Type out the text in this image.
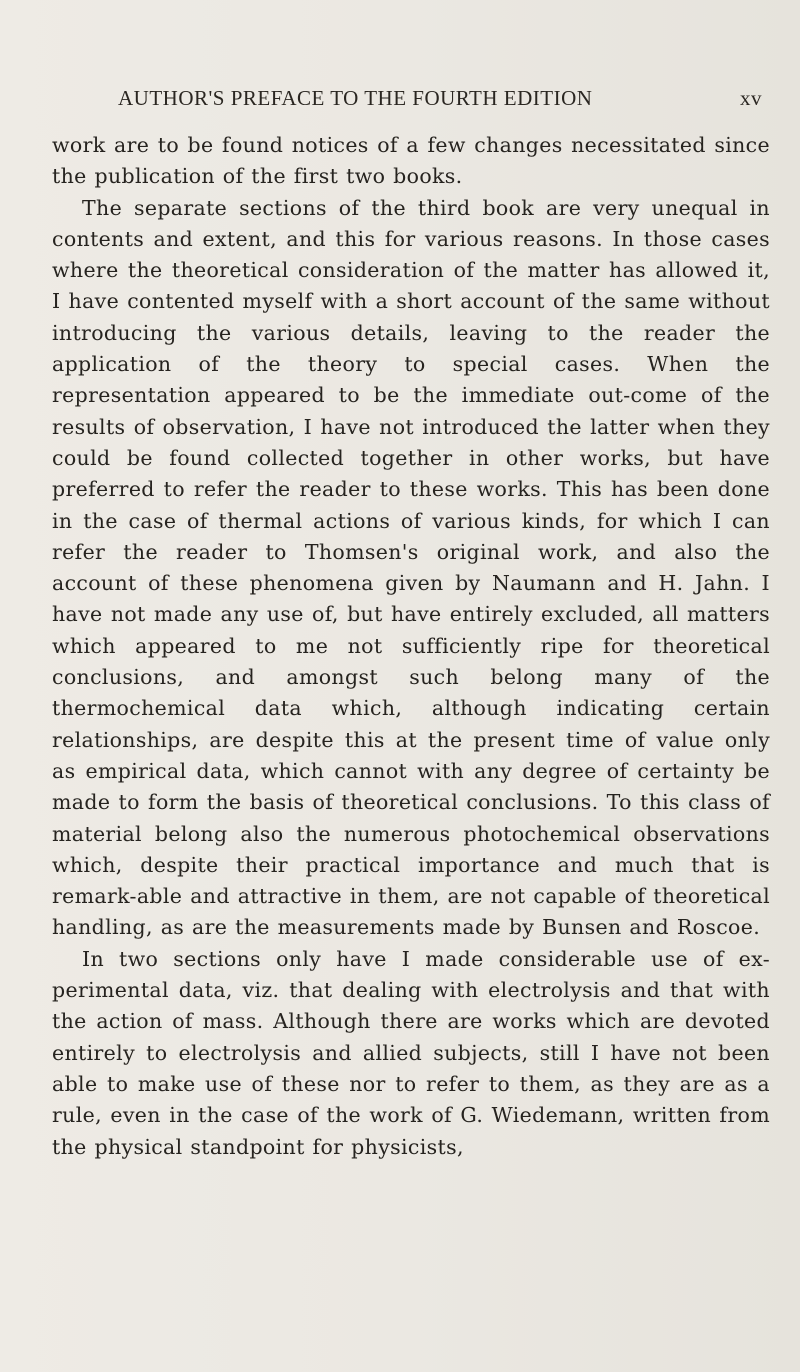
AUTHOR'S PREFACE TO THE FOURTH EDITION	xv

work are to be found notices of a few changes necessitated since the publication of the first two books.

The separate sections of the third book are very unequal in contents and extent, and this for various reasons. In those cases where the theoretical consideration of the matter has allowed it, I have contented myself with a short account of the same without introducing the various details, leaving to the reader the application of the theory to special cases. When the representation appeared to be the immediate out-come of the results of observation, I have not introduced the latter when they could be found collected together in other works, but have preferred to refer the reader to these works. This has been done in the case of thermal actions of various kinds, for which I can refer the reader to Thomsen's original work, and also the account of these phenomena given by Naumann and H. Jahn. I have not made any use of, but have entirely excluded, all matters which appeared to me not sufficiently ripe for theoretical conclusions, and amongst such belong many of the thermochemical data which, although indicating certain relationships, are despite this at the present time of value only as empirical data, which cannot with any degree of certainty be made to form the basis of theoretical conclusions. To this class of material belong also the numerous photochemical observations which, despite their practical importance and much that is remark-able and attractive in them, are not capable of theoretical handling, as are the measurements made by Bunsen and Roscoe.

In two sections only have I made considerable use of ex-perimental data, viz. that dealing with electrolysis and that with the action of mass. Although there are works which are devoted entirely to electrolysis and allied subjects, still I have not been able to make use of these nor to refer to them, as they are as a rule, even in the case of the work of G. Wiedemann, written from the physical standpoint for physicists,
